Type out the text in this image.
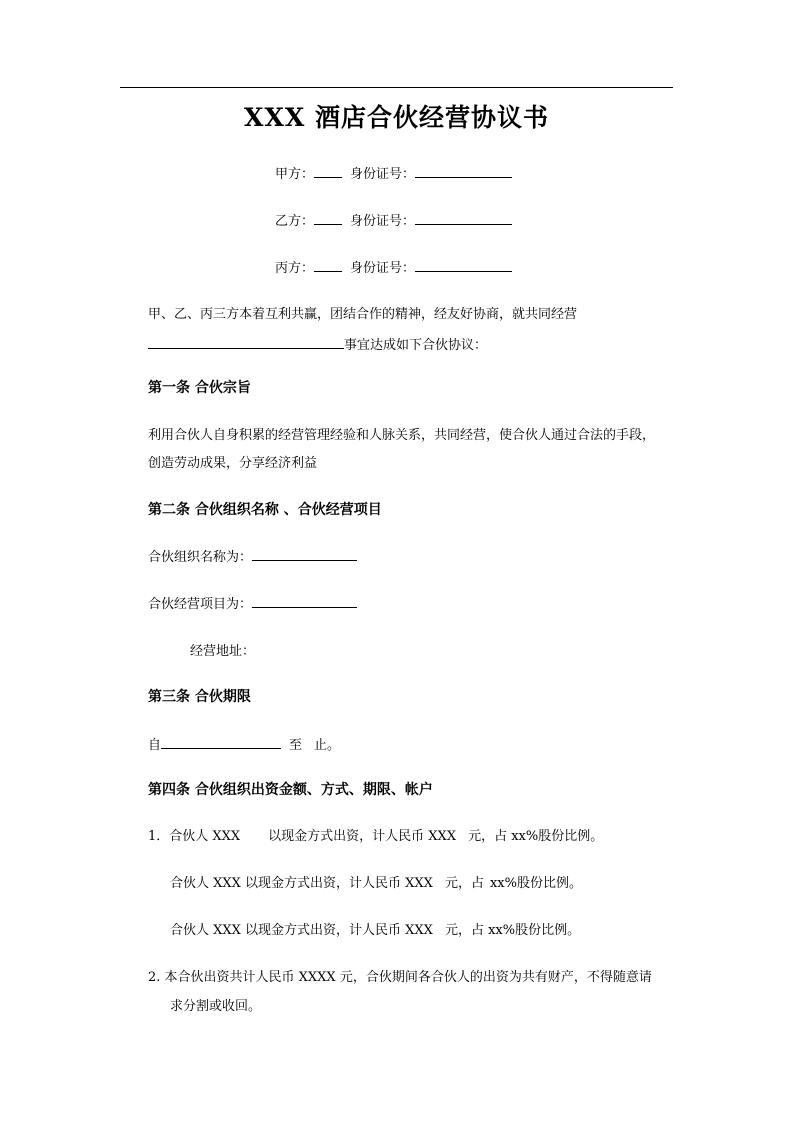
XXX 酒店合伙经营协议书
甲方：	身份证号：
乙方：	身份证号：
丙方：	身份证号：
甲、乙、丙三方本着互利共赢，团结合作的精神，经友好协商，就共同经营
事宜达成如下合伙协议：
第一条 合伙宗旨
利用合伙人自身积累的经营管理经验和人脉关系，共同经营，使合伙人通过合法的手段，
创造劳动成果，分享经济利益
第二条 合伙组织名称 、合伙经营项目
合伙组织名称为：
合伙经营项目为：
经营地址：
第三条 合伙期限
自	至 止。
第四条 合伙组织出资金额、方式、期限、帐户
1．合伙人 XXX 以现金方式出资，计人民币 XXX 元，占 xx%股份比例。
合伙人 XXX 以现金方式出资，计人民币 XXX 元，占 xx%股份比例。
合伙人 XXX 以现金方式出资，计人民币 XXX 元，占 xx%股份比例。
2. 本合伙出资共计人民币 XXXX 元，合伙期间各合伙人的出资为共有财产，不得随意请
求分割或收回。
